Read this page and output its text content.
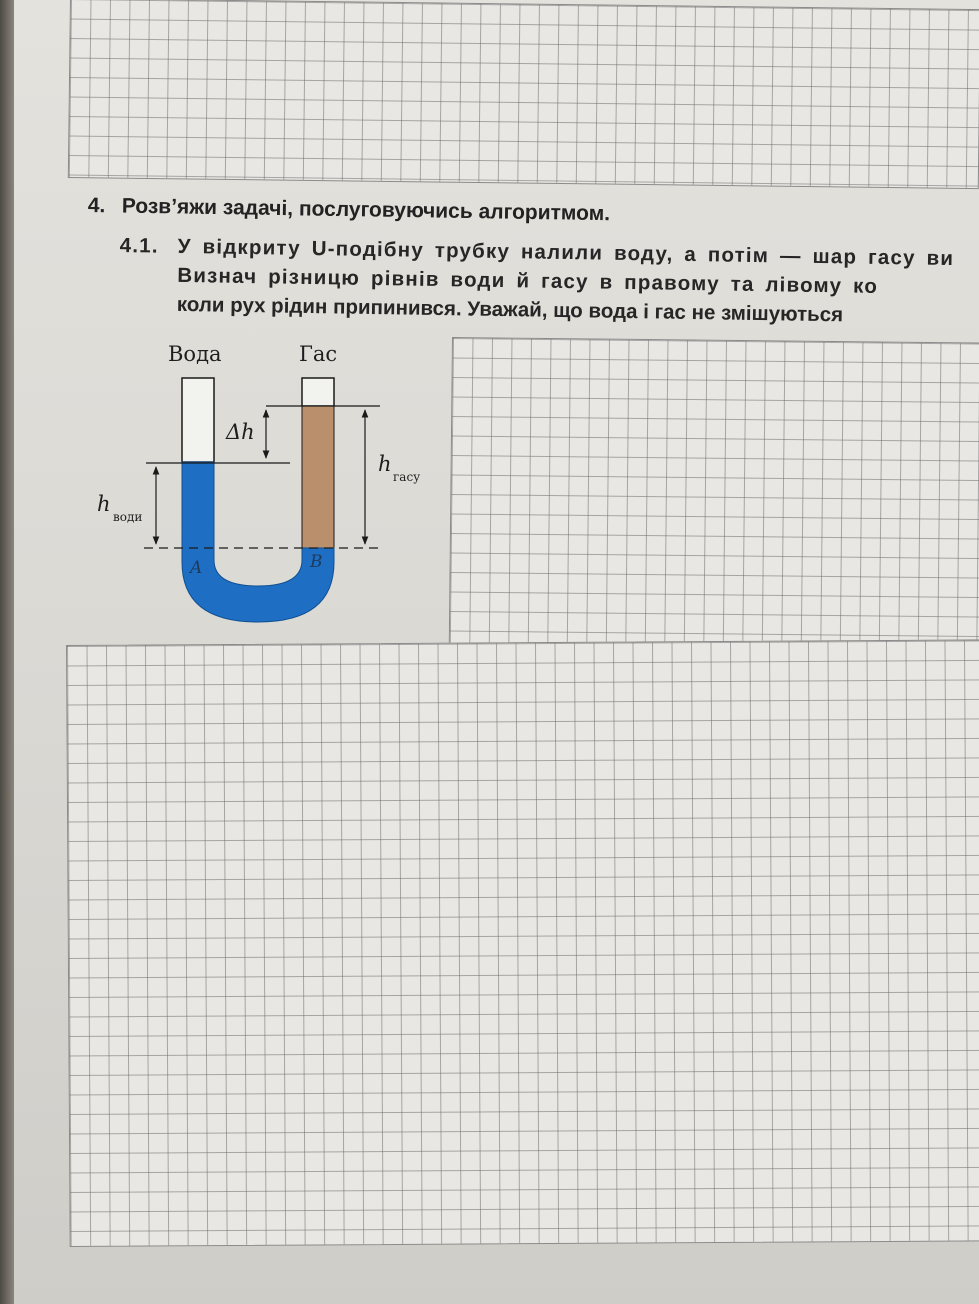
4. Розв’яжи задачі, послуговуючись алгоритмом.
4.1. У відкриту U-подібну трубку налили воду, а потім — шар гасу ви
Визнач різницю рівнів води й гасу в правому та лівому ко
коли рух рідин припинився. Уважай, що вода і гас не змішуються
Вода	Гас
Δh
h
води
h
гасу
A	B
